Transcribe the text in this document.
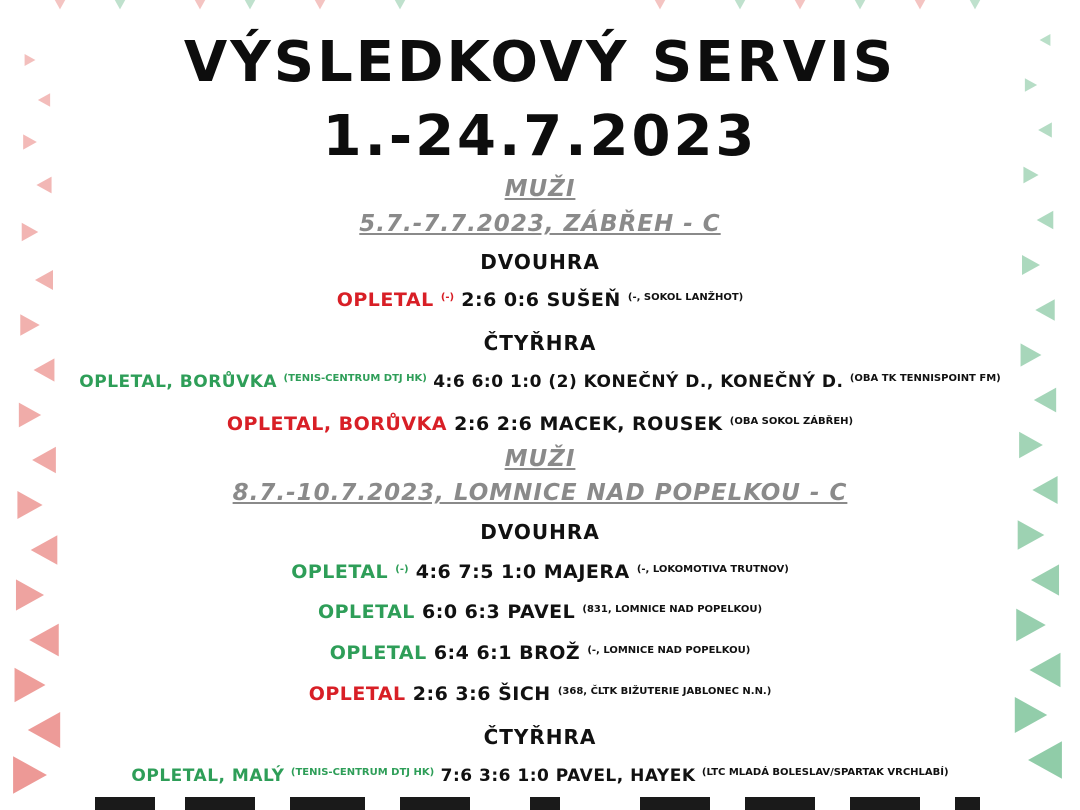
VÝSLEDKOVÝ SERVIS
1.-24.7.2023
MUŽI
5.7.-7.7.2023, ZÁBŘEH - C
DVOUHRA
OPLETAL (-) 2:6 0:6 SUŠEŇ $^{(-, SOKOL LANŽHOT)}$
ČTYŘHRA
OPLETAL, BORŮVKA $^{(TENIS-CENTRUM DTJ HK)}$ 4:6 6:0 1:0 (2) KONEČNÝ D., KONEČNÝ D. $^{(OBA TK TENNISPOINT FM)}$
OPLETAL, BORŮVKA 2:6 2:6 MACEK, ROUSEK $^{(OBA SOKOL ZÁBŘEH)}$
MUŽI
8.7.-10.7.2023, LOMNICE NAD POPELKOU - C
DVOUHRA
OPLETAL (-) 4:6 7:5 1:0 MAJERA $^{(-, LOKOMOTIVA TRUTNOV)}$
OPLETAL 6:0 6:3 PAVEL $^{(831, LOMNICE NAD POPELKOU)}$
OPLETAL 6:4 6:1 BROŽ $^{(-, LOMNICE NAD POPELKOU)}$
OPLETAL 2:6 3:6 ŠICH $^{(368, ČLTK BIŽUTERIE JABLONEC N.N.)}$
ČTYŘHRA
OPLETAL, MALÝ $^{(TENIS-CENTRUM DTJ HK)}$ 7:6 3:6 1:0 PAVEL, HAYEK $^{(LTC MLADÁ BOLESLAV/SPARTAK VRCHLABÍ)}$
